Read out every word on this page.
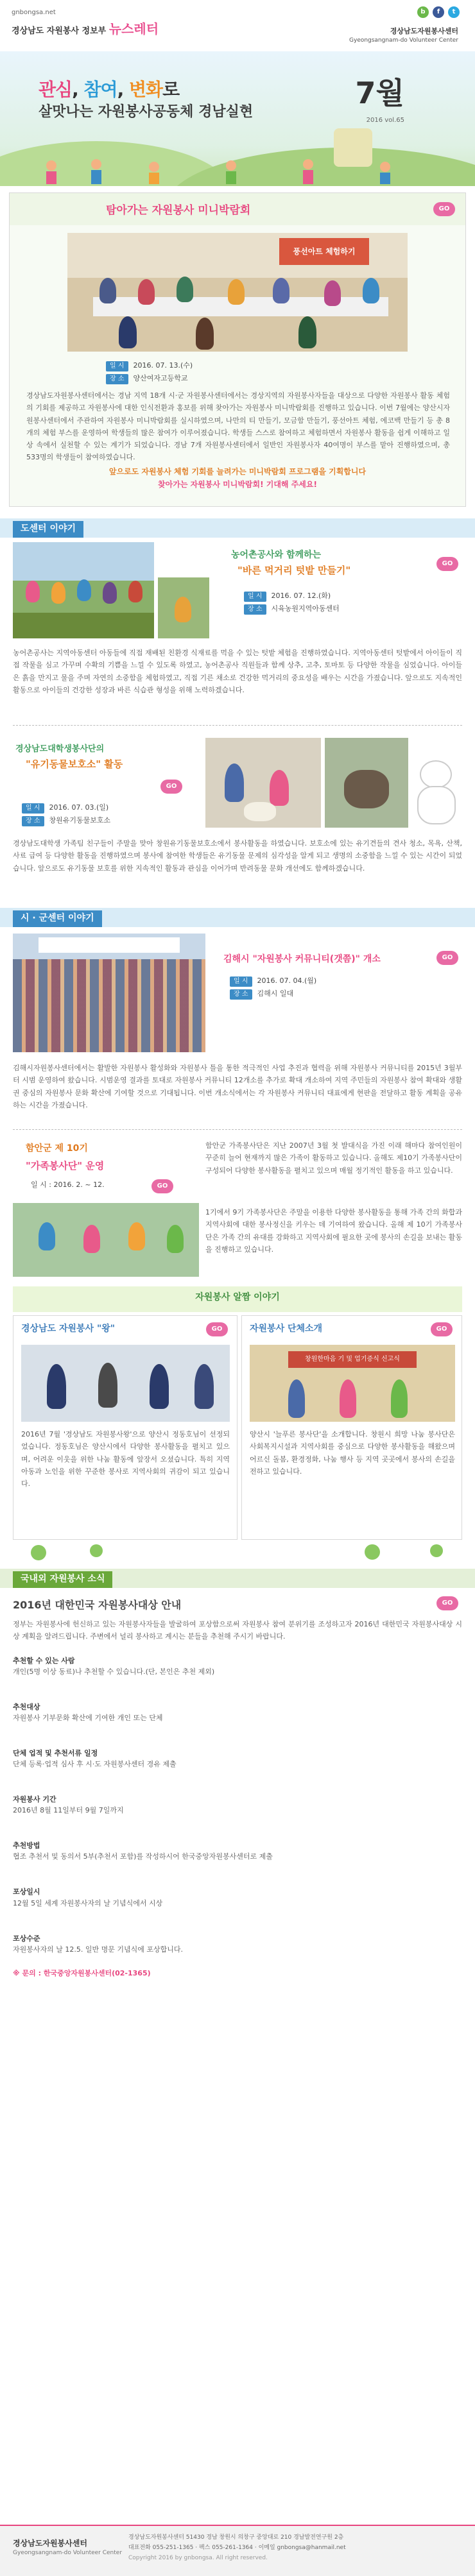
gnbongsa.net
경상남도 자원봉사 정보부 뉴스레터
b	f	t
경상남도자원봉사센터
Gyeongsangnam-do Volunteer Center
관심, 참여, 변화로
살맛나는 자원봉사공동체 경남실현
7월
2016 vol.65
탐아가는 자원봉사 미니박람회	GO
풍선아트 체험하기
일 시 2016. 07. 13.(수)
장 소 양산여자고등학교
경상남도자원봉사센터에서는 경남 지역 18개 시·군 자원봉사센터에서는 경상지역의 자원봉사자들을 대상으로 다양한 자원봉사 활동 체험의 기회를 제공하고 자원봉사에 대한 인식전환과 홍보를 위해 찾아가는 자원봉사 미니박람회를 진행하고 있습니다. 이번 7월에는 양산시자원봉사센터에서 주관하여 자원봉사 미니박람회를 실시하였으며, 나만의 티 만들기, 모금함 만들기, 풍선아트 체험, 에코백 만들기 등 총 8개의 체험 부스를 운영하여 학생들의 많은 참여가 이루어졌습니다. 학생들 스스로 참여하고 체험하면서 자원봉사 활동을 쉽게 이해하고 일상 속에서 실천할 수 있는 계기가 되었습니다. 경남 7개 자원봉사센터에서 일반인 자원봉사자 40여명이 부스를 맡아 진행하였으며, 총 533명의 학생들이 참여하였습니다.
앞으로도 자원봉사 체험 기회를 늘려가는 미니박람회 프로그램을 기획합니다
찾아가는 자원봉사 미니박람회! 기대해 주세요!
도센터 이야기
농어촌공사와 함께하는
"바른 먹거리 텃밭 만들기"
GO
일 시 2016. 07. 12.(화)
장 소 시육농원지역아동센터
농어촌공사는 지역아동센터 아동들에 직접 재배된 친환경 식재료를 먹을 수 있는 텃밭 체험을 진행하였습니다. 지역아동센터 텃밭에서 아이들이 직접 작물을 심고 가꾸며 수확의 기쁨을 느낄 수 있도록 하였고, 농어촌공사 직원들과 함께 상추, 고추, 토마토 등 다양한 작물을 심었습니다. 아이들은 흙을 만지고 물을 주며 자연의 소중함을 체험하였고, 직접 기른 채소로 건강한 먹거리의 중요성을 배우는 시간을 가졌습니다. 앞으로도 지속적인 활동으로 아이들의 건강한 성장과 바른 식습관 형성을 위해 노력하겠습니다.
경상남도대학생봉사단의
"유기동물보호소" 활동
GO
일 시 2016. 07. 03.(일)
장 소 창원유기동물보호소
경상남도대학생 가족팀 친구들이 주말을 맞아 창원유기동물보호소에서 봉사활동을 하였습니다. 보호소에 있는 유기견들의 견사 청소, 목욕, 산책, 사료 급여 등 다양한 활동을 진행하였으며 봉사에 참여한 학생들은 유기동물 문제의 심각성을 알게 되고 생명의 소중함을 느낄 수 있는 시간이 되었습니다. 앞으로도 유기동물 보호를 위한 지속적인 활동과 관심을 이어가며 반려동물 문화 개선에도 함께하겠습니다.
시 · 군센터 이야기
김해시 "자원봉사 커뮤니티(갯쯤)" 개소	GO
일 시 2016. 07. 04.(월)
장 소 김해시 일대
김해시자원봉사센터에서는 활발한 자원봉사 활성화와 자원봉사 틀을 통한 적극적인 사업 추진과 협력을 위해 자원봉사 커뮤니티를 2015년 3월부터 시범 운영하여 왔습니다. 시범운영 결과를 토대로 자원봉사 커뮤니티 12개소를 추가로 확대 개소하여 지역 주민들의 자원봉사 참여 확대와 생활권 중심의 자원봉사 문화 확산에 기여할 것으로 기대됩니다. 이번 개소식에서는 각 자원봉사 커뮤니티 대표에게 현판을 전달하고 활동 계획을 공유하는 시간을 가졌습니다.
함안군 제 10기
"가족봉사단" 운영
일 시 : 2016. 2. ~ 12.	GO
함안군 가족봉사단은 지난 2007년 3월 첫 발대식을 가진 이래 해마다 참여인원이 꾸준히 늘어 현재까지 많은 가족이 활동하고 있습니다. 올해도 제10기 가족봉사단이 구성되어 다양한 봉사활동을 펼치고 있으며 매월 정기적인 활동을 하고 있습니다.
1기에서 9기 가족봉사단은 주말을 이용한 다양한 봉사활동을 통해 가족 간의 화합과 지역사회에 대한 봉사정신을 키우는 데 기여하여 왔습니다. 올해 제 10기 가족봉사단은 가족 간의 유대를 강화하고 지역사회에 필요한 곳에 봉사의 손길을 보내는 활동을 진행하고 있습니다.
자원봉사 알짬 이야기
경상남도 자원봉사 "왕"	GO
2016년 7월 '경상남도 자원봉사왕'으로 양산시 정동호님이 선정되었습니다. 정동호님은 양산시에서 다양한 봉사활동을 펼치고 있으며, 어려운 이웃을 위한 나눔 활동에 앞장서 오셨습니다. 특히 지역 아동과 노인을 위한 꾸준한 봉사로 지역사회의 귀감이 되고 있습니다.
자원봉사 단체소개	GO
창원한마음 기 및 업기증식 신고식
양산시 '늘푸른 봉사단'을 소개합니다. 창원시 희망 나눔 봉사단은 사회복지시설과 지역사회를 중심으로 다양한 봉사활동을 해왔으며 어르신 돌봄, 환경정화, 나눔 행사 등 지역 곳곳에서 봉사의 손길을 전하고 있습니다.
국내외 자원봉사 소식
2016년 대한민국 자원봉사대상 안내	GO
정부는 자원봉사에 헌신하고 있는 자원봉사자들을 발굴하여 포상함으로써 자원봉사 참여 분위기를 조성하고자 2016년 대한민국 자원봉사대상 시상 계획을 알려드립니다. 주변에서 널리 봉사하고 계시는 분들을 추천해 주시기 바랍니다.
추천할 수 있는 사람
개인(5명 이상 동료)나 추천할 수 있습니다.(단, 본인은 추천 제외)
추천대상
자원봉사 기부문화 확산에 기여한 개인 또는 단체
단체 업적 및 추천서류 일정
단체 등록·업적 심사 후 시·도 자원봉사센터 경유 제출
자원봉사 기간
2016년 8월 11일부터 9월 7일까지
추천방법
협조 추천서 및 동의서 5부(추천서 포함)를 작성하시어 한국중앙자원봉사센터로 제출
포상일시
12월 5일 세계 자원봉사자의 날 기념식에서 시상
포상수준
자원봉사자의 날 12.5. 일반 명문 기념식에 포상합니다.
※ 문의 : 한국중앙자원봉사센터(02-1365)
경상남도자원봉사센터
Gyeongsangnam-do Volunteer Center
경상남도자원봉사센터 51430 경남 창원시 의창구 중앙대로 210 경남발전연구원 2층
대표전화 055-251-1365 · 팩스 055-261-1364 · 이메일 gnbongsa@hanmail.net
Copyright 2016 by gnbongsa. All right reserved.
